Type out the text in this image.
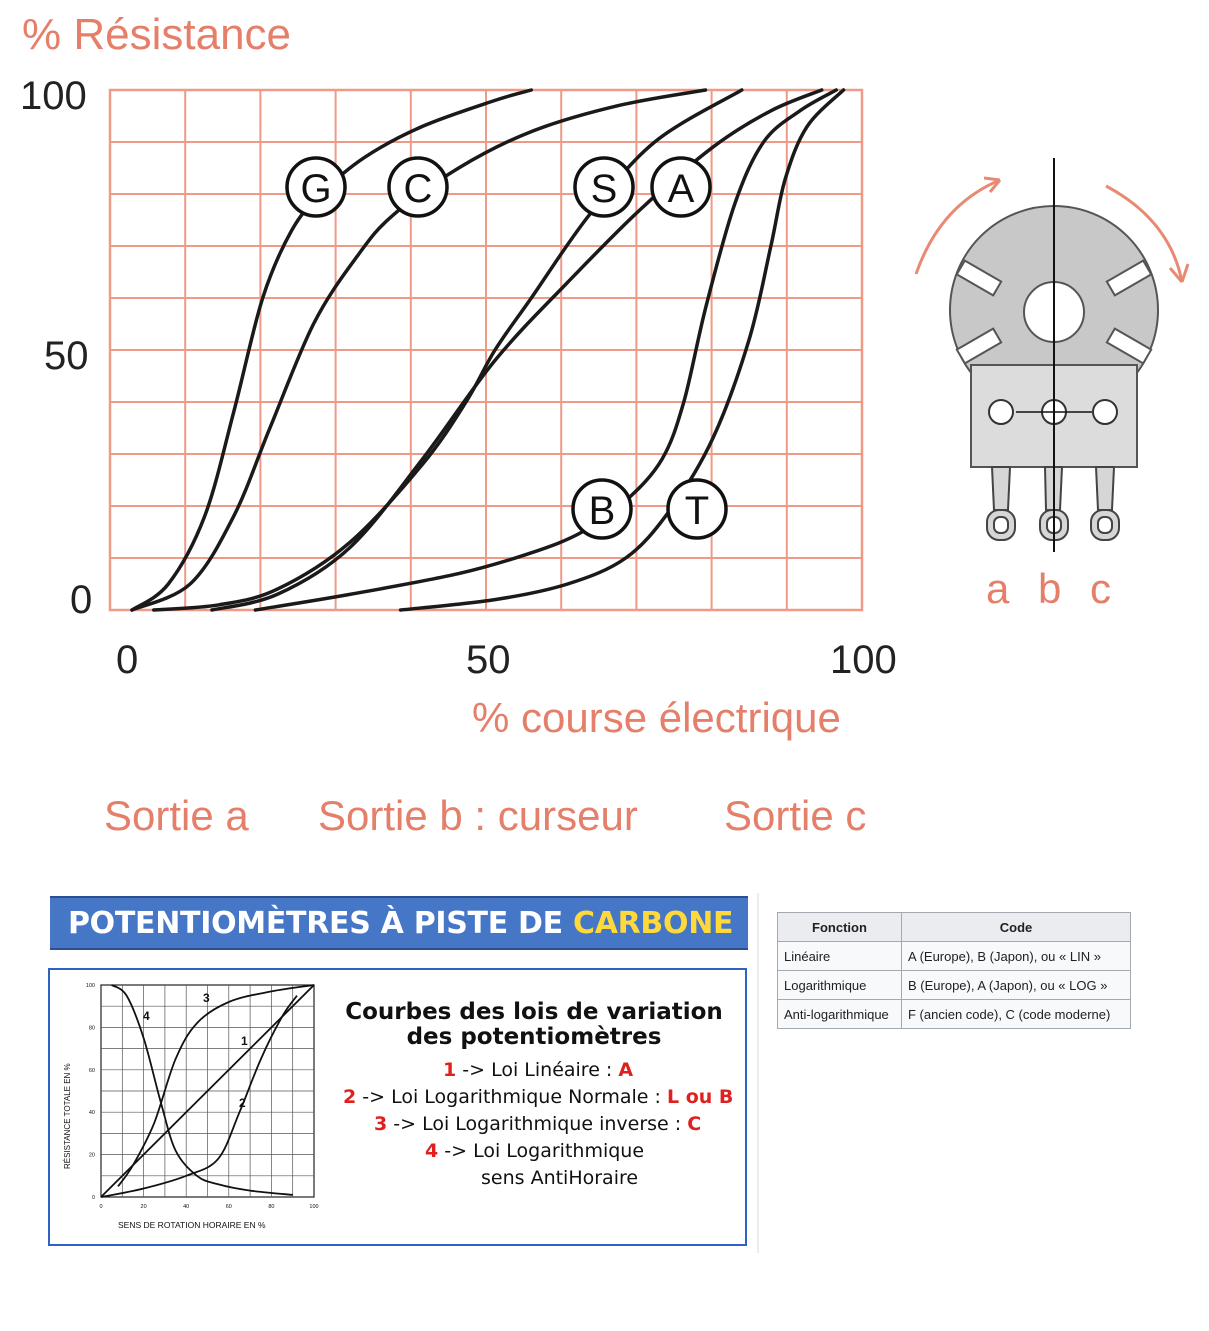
% Résistance
100
50
0
0	50	100
% course électrique
G C	S A
B T
a b c
Sortie a Sortie b : curseur Sortie c
POTENTIOMÈTRES À PISTE DE CARBONE
100
80
60
40
20
0
0	20	40	60	80	100
1
2
3
4
RÉSISTANCE TOTALE EN %
SENS DE ROTATION HORAIRE EN %
Courbes des lois de variation
des potentiomètres
1 -> Loi Linéaire : A
2 -> Loi Logarithmique Normale : L ou B
3 -> Loi Logarithmique inverse : C
4 -> Loi Logarithmique
sens AntiHoraire
Fonction	Code
Linéaire	A (Europe), B (Japon), ou « LIN »
Logarithmique	B (Europe), A (Japon), ou « LOG »
Anti-logarithmique	F (ancien code), C (code moderne)
